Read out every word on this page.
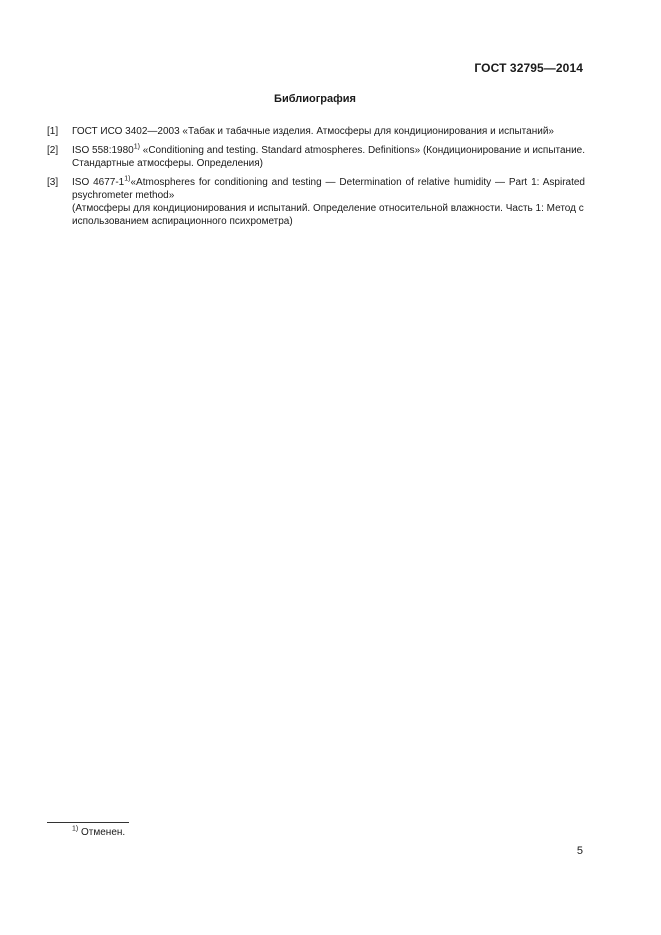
ГОСТ 32795—2014
Библиография
[1]	ГОСТ ИСО 3402—2003 «Табак и табачные изделия. Атмосферы для кондиционирования и испытаний»
[2]	ISO 558:1980$^{1)}$ «Conditioning and testing. Standard atmospheres. Definitions» (Кондиционирование и испытание. Стандартные атмосферы. Определения)
[3]	ISO 4677-1$^{1)}$«Atmospheres for conditioning and testing — Determination of relative humidity — Part 1: Aspirated psychrometer method»
(Атмосферы для кондиционирования и испытаний. Определение относительной влажности. Часть 1: Метод с использованием аспирационного психрометра)
$^{1)}$ Отменен.
5
